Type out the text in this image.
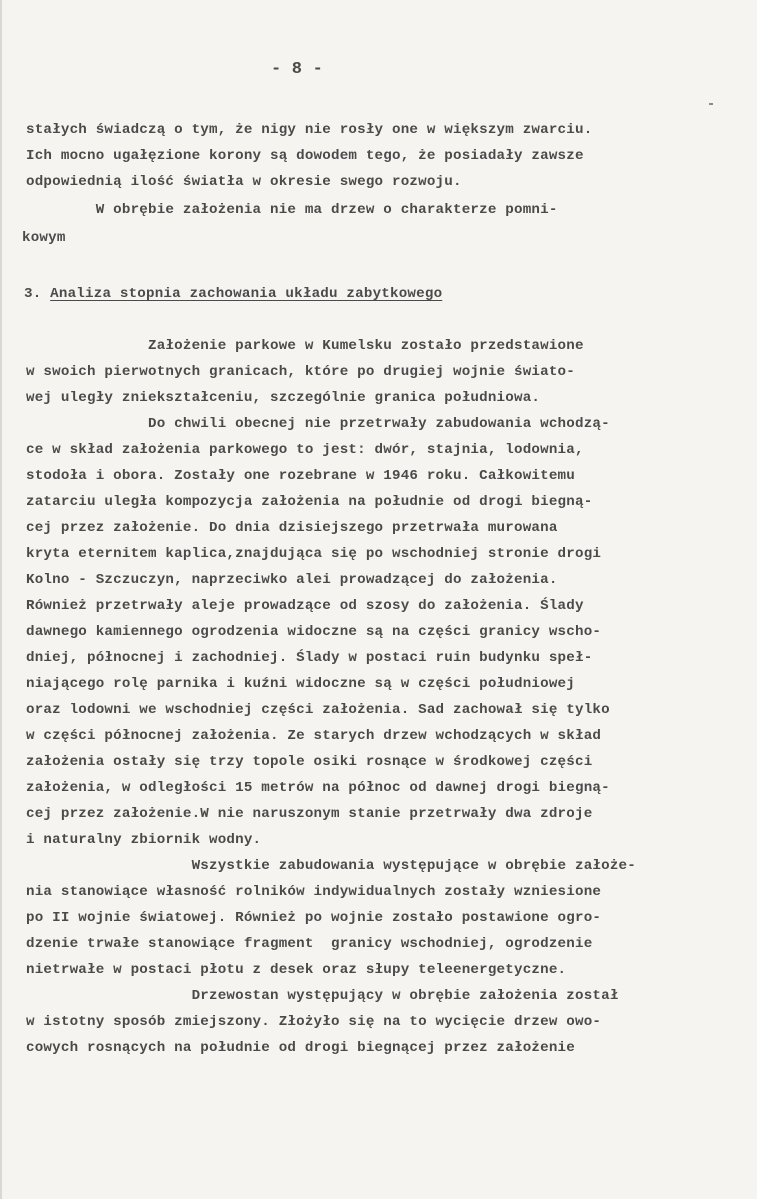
- 8 -
stałych świadczą o tym, że nigy nie rosły one w większym zwarciu.
Ich mocno ugałęzione korony są dowodem tego, że posiadały zawsze
odpowiednią ilość światła w okresie swego rozwoju.
W obrębie założenia nie ma drzew o charakterze pomni-
kowym
3. Analiza stopnia zachowania układu zabytkowego
Założenie parkowe w Kumelsku zostało przedstawione
w swoich pierwotnych granicach, które po drugiej wojnie świato-
wej uległy zniekształceniu, szczególnie granica południowa.
Do chwili obecnej nie przetrwały zabudowania wchodzą-
ce w skład założenia parkowego to jest: dwór, stajnia, lodownia,
stodoła i obora. Zostały one rozebrane w 1946 roku. Całkowitemu
zatarciu uległa kompozycja założenia na południe od drogi biegną-
cej przez założenie. Do dnia dzisiejszego przetrwała murowana
kryta eternitem kaplica,znajdująca się po wschodniej stronie drogi
Kolno - Szczuczyn, naprzeciwko alei prowadzącej do założenia.
Również przetrwały aleje prowadzące od szosy do założenia. Ślady
dawnego kamiennego ogrodzenia widoczne są na części granicy wscho-
dniej, północnej i zachodniej. Ślady w postaci ruin budynku speł-
niającego rolę parnika i kuźni widoczne są w części południowej
oraz lodowni we wschodniej części założenia. Sad zachował się tylko
w części północnej założenia. Ze starych drzew wchodzących w skład
założenia ostały się trzy topole osiki rosnące w środkowej części
założenia, w odległości 15 metrów na północ od dawnej drogi biegną-
cej przez założenie.W nie naruszonym stanie przetrwały dwa zdroje
i naturalny zbiornik wodny.
Wszystkie zabudowania występujące w obrębie założe-
nia stanowiące własność rolników indywidualnych zostały wzniesione
po II wojnie światowej. Również po wojnie zostało postawione ogro-
dzenie trwałe stanowiące fragment  granicy wschodniej, ogrodzenie
nietrwałe w postaci płotu z desek oraz słupy teleenergetyczne.
Drzewostan występujący w obrębie założenia został
w istotny sposób zmiejszony. Złożyło się na to wycięcie drzew owo-
cowych rosnących na południe od drogi biegnącej przez założenie
